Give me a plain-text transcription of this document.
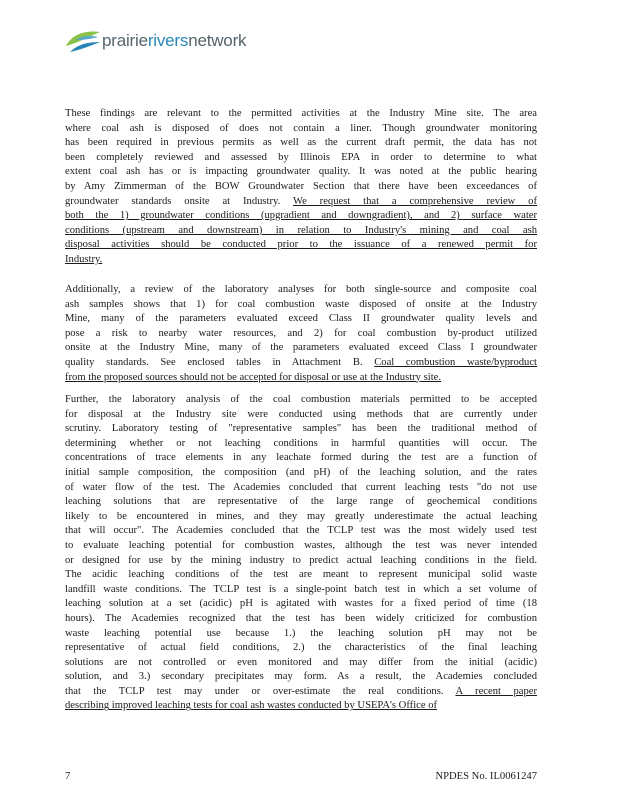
prairieriversnetwork
These findings are relevant to the permitted activities at the Industry Mine site. The area
where coal ash is disposed of does not contain a liner. Though groundwater monitoring
has been required in previous permits as well as the current draft permit, the data has not
been completely reviewed and assessed by Illinois EPA in order to determine to what
extent coal ash has or is impacting groundwater quality. It was noted at the public hearing
by Amy Zimmerman of the BOW Groundwater Section that there have been exceedances of
groundwater standards onsite at Industry. We request that a comprehensive review of
both the 1) groundwater conditions (upgradient and downgradient), and 2) surface water
conditions (upstream and downstream) in relation to Industry's mining and coal ash
disposal activities should be conducted prior to the issuance of a renewed permit for
Industry.
Additionally, a review of the laboratory analyses for both single-source and composite coal
ash samples shows that 1) for coal combustion waste disposed of onsite at the Industry
Mine, many of the parameters evaluated exceed Class II groundwater quality levels and
pose a risk to nearby water resources, and 2) for coal combustion by-product utilized
onsite at the Industry Mine, many of the parameters evaluated exceed Class I groundwater
quality standards. See enclosed tables in Attachment B. Coal combustion waste/byproduct
from the proposed sources should not be accepted for disposal or use at the Industry site.
Further, the laboratory analysis of the coal combustion materials permitted to be accepted
for disposal at the Industry site were conducted using methods that are currently under
scrutiny. Laboratory testing of "representative samples" has been the traditional method of
determining whether or not leaching conditions in harmful quantities will occur. The
concentrations of trace elements in any leachate formed during the test are a function of
initial sample composition, the composition (and pH) of the leaching solution, and the rates
of water flow of the test. The Academies concluded that current leaching tests "do not use
leaching solutions that are representative of the large range of geochemical conditions
likely to be encountered in mines, and they may greatly underestimate the actual leaching
that will occur". The Academies concluded that the TCLP test was the most widely used test
to evaluate leaching potential for combustion wastes, although the test was never intended
or designed for use by the mining industry to predict actual leaching conditions in the field.
The acidic leaching conditions of the test are meant to represent municipal solid waste
landfill waste conditions. The TCLP test is a single-point batch test in which a set volume of
leaching solution at a set (acidic) pH is agitated with wastes for a fixed period of time (18
hours). The Academies recognized that the test has been widely criticized for combustion
waste leaching potential use because 1.) the leaching solution pH may not be
representative of actual field conditions, 2.) the characteristics of the final leaching
solutions are not controlled or even monitored and may differ from the initial (acidic)
solution, and 3.) secondary precipitates may form. As a result, the Academies concluded
that the TCLP test may under or over-estimate the real conditions. A recent paper
describing improved leaching tests for coal ash wastes conducted by USEPA's Office of
7	NPDES No. IL0061247
